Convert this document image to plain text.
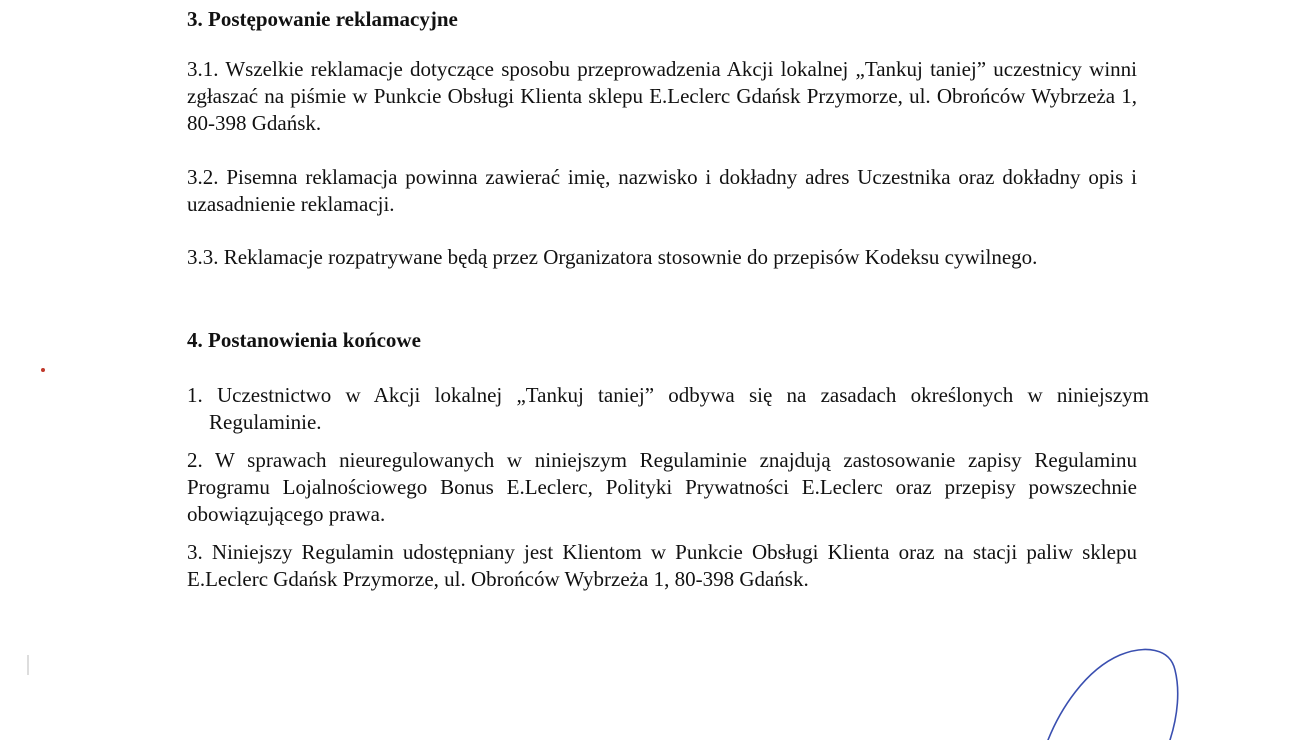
3. Postępowanie reklamacyjne
3.1. Wszelkie reklamacje dotyczące sposobu przeprowadzenia Akcji lokalnej „Tankuj taniej” uczestnicy winni zgłaszać na piśmie w Punkcie Obsługi Klienta sklepu E.Leclerc Gdańsk Przymorze, ul. Obrońców Wybrzeża 1, 80-398 Gdańsk.
3.2. Pisemna reklamacja powinna zawierać imię, nazwisko i dokładny adres Uczestnika oraz dokładny opis i uzasadnienie reklamacji.
3.3. Reklamacje rozpatrywane będą przez Organizatora stosownie do przepisów Kodeksu cywilnego.
4. Postanowienia końcowe
1. Uczestnictwo w Akcji lokalnej „Tankuj taniej” odbywa się na zasadach określonych w niniejszym Regulaminie.
2. W sprawach nieuregulowanych w niniejszym Regulaminie znajdują zastosowanie zapisy Regulaminu Programu Lojalnościowego Bonus E.Leclerc, Polityki Prywatności E.Leclerc oraz przepisy powszechnie obowiązującego prawa.
3. Niniejszy Regulamin udostępniany jest Klientom w Punkcie Obsługi Klienta oraz na stacji paliw sklepu E.Leclerc Gdańsk Przymorze, ul. Obrońców Wybrzeża 1, 80-398 Gdańsk.
